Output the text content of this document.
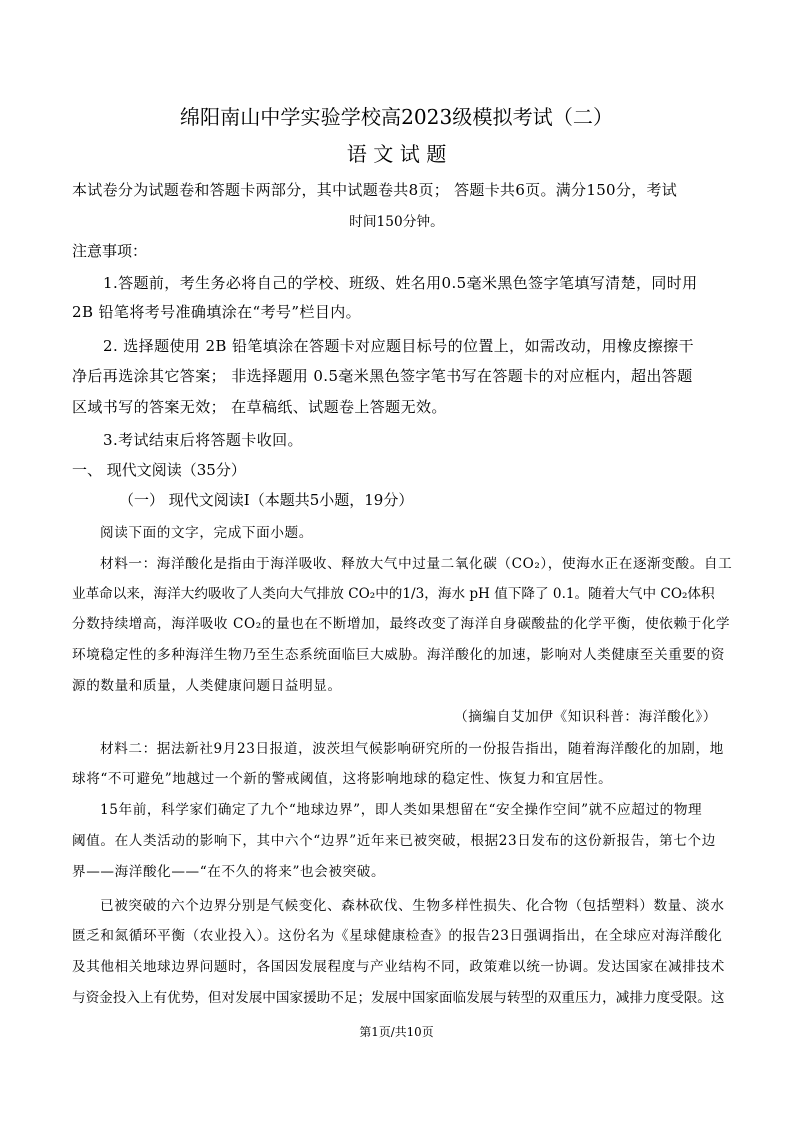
绵阳南山中学实验学校高2023级模拟考试（二）
语 文 试 题
本试卷分为试题卷和答题卡两部分，其中试题卷共8页； 答题卡共6页。满分150分，考试
时间150分钟。
注意事项：
1.答题前，考生务必将自己的学校、班级、姓名用0.5毫米黑色签字笔填写清楚，同时用
2B 铅笔将考号准确填涂在“考号”栏目内。
2. 选择题使用 2B 铅笔填涂在答题卡对应题目标号的位置上，如需改动，用橡皮擦擦干
净后再选涂其它答案； 非选择题用 0.5毫米黑色签字笔书写在答题卡的对应框内，超出答题
区域书写的答案无效； 在草稿纸、试题卷上答题无效。
3.考试结束后将答题卡收回。
一、 现代文阅读（35分）
（一） 现代文阅读Ⅰ（本题共5小题，19分）
阅读下面的文字，完成下面小题。
材料一：海洋酸化是指由于海洋吸收、释放大气中过量二氧化碳（CO₂），使海水正在逐渐变酸。自工
业革命以来，海洋大约吸收了人类向大气排放 CO₂中的1/3，海水 pH 值下降了 0.1。随着大气中 CO₂体积
分数持续增高，海洋吸收 CO₂的量也在不断增加，最终改变了海洋自身碳酸盐的化学平衡，使依赖于化学
环境稳定性的多种海洋生物乃至生态系统面临巨大威胁。海洋酸化的加速，影响对人类健康至关重要的资
源的数量和质量，人类健康问题日益明显。
（摘编自艾加伊《知识科普：海洋酸化》）
材料二：据法新社9月23日报道，波茨坦气候影响研究所的一份报告指出，随着海洋酸化的加剧，地
球将“不可避免”地越过一个新的警戒阈值，这将影响地球的稳定性、恢复力和宜居性。
15年前，科学家们确定了九个“地球边界”，即人类如果想留在“安全操作空间”就不应超过的物理
阈值。在人类活动的影响下，其中六个“边界”近年来已被突破，根据23日发布的这份新报告，第七个边
界——海洋酸化——“在不久的将来”也会被突破。
已被突破的六个边界分别是气候变化、森林砍伐、生物多样性损失、化合物（包括塑料）数量、淡水
匮乏和氮循环平衡（农业投入）。这份名为《星球健康检查》的报告23日强调指出，在全球应对海洋酸化
及其他相关地球边界问题时，各国因发展程度与产业结构不同，政策难以统一协调。发达国家在减排技术
与资金投入上有优势，但对发展中国家援助不足；发展中国家面临发展与转型的双重压力，减排力度受限。这
第1页/共10页
